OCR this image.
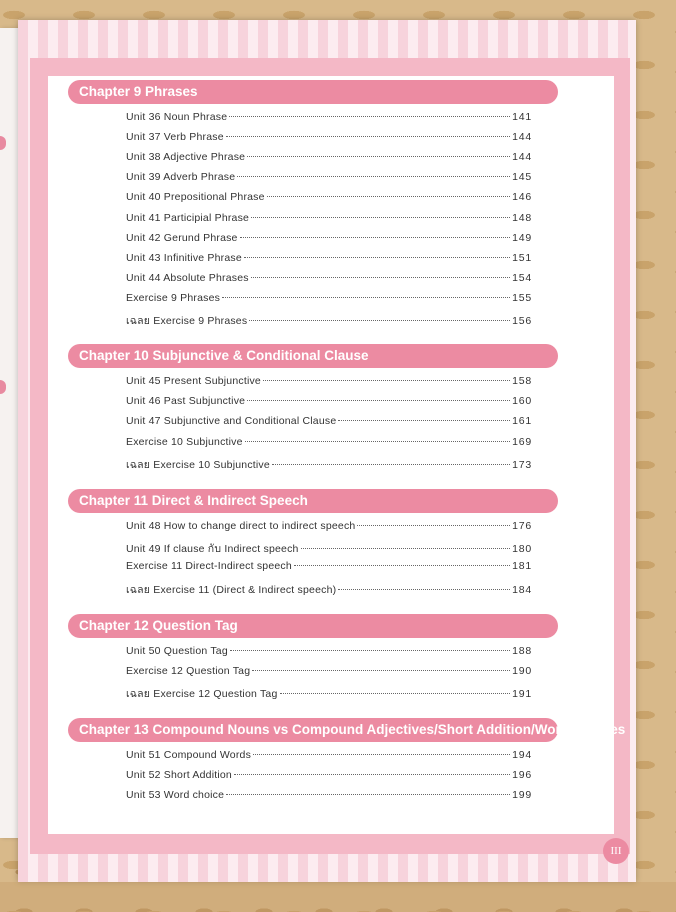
Chapter 9 Phrases
Unit 36 Noun Phrase	141
Unit 37 Verb Phrase	144
Unit 38 Adjective Phrase	144
Unit 39 Adverb Phrase	145
Unit 40 Prepositional Phrase	146
Unit 41 Participial Phrase	148
Unit 42 Gerund Phrase	149
Unit 43 Infinitive Phrase	151
Unit 44 Absolute Phrases	154
Exercise 9 Phrases	155
เฉลย Exercise 9 Phrases	156
Chapter 10 Subjunctive & Conditional Clause
Unit 45 Present Subjunctive	158
Unit 46 Past Subjunctive	160
Unit 47 Subjunctive and Conditional Clause	161
Exercise 10 Subjunctive	169
เฉลย Exercise 10 Subjunctive	173
Chapter 11 Direct & Indirect Speech
Unit 48 How to change direct to indirect speech	176
Unit 49 If clause กับ Indirect speech	180
Exercise 11 Direct-Indirect speech	181
เฉลย Exercise 11 (Direct & Indirect speech)	184
Chapter 12 Question Tag
Unit 50 Question Tag	188
Exercise 12 Question Tag	190
เฉลย Exercise 12 Question Tag	191
Chapter 13 Compound Nouns vs Compound Adjectives/Short Addition/Word Choices
Unit 51 Compound Words	194
Unit 52 Short Addition	196
Unit 53 Word choice	199
III
